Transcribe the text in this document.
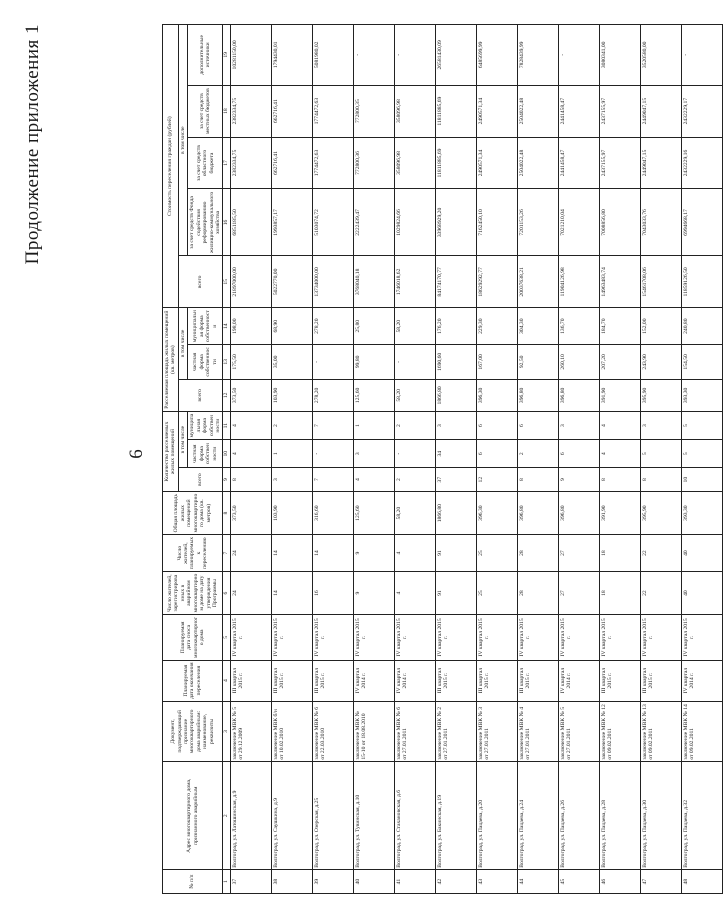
Продолжение приложения 1
6
№ п/п	Адрес многоквартирного дома, признанного аварийным	Документ, подтверждающий признание многоквартирного дома аварийным: наименование, реквизиты	Планируемая дата окончания переселения	Планируемая дата сноса многоквартирного дома	Число жителей, зарегистрированных в аварийном многоквартирном доме на дату утверждения Программы	Число жителей, планируемых к переселению	Общая площадь жилых помещений многоквартирного дома (кв. метров)	Количество расселяемых жилых помещений			Расселяемая площадь жилых помещений (кв. метров)			Стоимость переселения граждан (рублей)				
								всего	в том числе		всего	в том числе		всего	в том числе			
									частная форма собственности	муниципальная форма собственности		частная форма собственности	муниципальная форма собственности		за счет средств Фонда содействия реформированию жилищно-коммунального хозяйства	за счет средств областного бюджета	за счет средств местных бюджетов	дополнительные источники
1	2	3	4	5	6	7	8	9	10	11	12	13	14	15	16	17	18	19
37	Волгоград, ул. Латошинская, д.9	заключение МВК № 5 от 29.12.2009	III квартал 2015 г.	IV квартал 2015 г.	24	24	373,50	8	4	4	373,50	175,50	198,00	21897000,00	6851185,50	2382334,75	2382334,75	10281150,00
38	Волгоград, ул. Саушкина, д.9	заключение МВК б/н от 10.02.2010	III квартал 2015 г.	IV квартал 2015 г.	14	14	103,90	3	1	2	103,90	35,00	68,90	5022770,00	1993857,17	662716,41	662716,41	1794430,01
39	Волгоград, ул. Озерская, д.25	заключение МВК № 6 от 22.03.2010	III квартал 2015 г.	IV квартал 2015 г.	16	14	316,60	7	-	7	278,20	-	278,20	13734000,00	5103074,72	1774472,63	1774472,63	5081980,02
40	Волгоград, ул. Тувинская, д.10	заключение МВК № 15-10 от 18.08.2010	IV квартал 2014 г.	IV квартал 2015 г.	9	9	125,60	4	3	1	125,60	99,80	25,80	3768040,18	2222439,47	772800,36	772800,35	-
41	Волгоград, ул. Стахановская, д.6	заключение МВК № 6 от 27.01.2011	IV квартал 2014 г.	IV квартал 2015 г.	4	4	58,20	2	-	2	58,20	-	58,20	1746018,62	1029824,66	358096,98	358096,98	-
42	Волгоград, ул. Бакинская, д.19	заключение МВК № 2 от 27.01.2011	III квартал 2015 г.	IV квартал 2015 г.	91	91	1866,80	37	34	3	1866,80	1690,60	176,20	84174170,77	33968929,20	11811885,69	11811885,69	26581430,09
43	Волгоград, ул. Пацаева, д.20	заключение МВК № 3 от 27.01.2011	III квартал 2015 г.	IV квартал 2015 г.	25	25	396,30	12	6	6	396,30	167,00	229,30	18629292,77	7162450,10	2490571,34	2490571,34	6485699,99
44	Волгоград, ул. Пацаева, д.24	заключение МВК № 4 от 27.01.2011	III квартал 2015 г.	IV квартал 2015 г.	28	28	396,80	8	2	6	396,80	92,50	304,30	20037638,21	7201153,26	2504022,48	2504022,48	7828439,99
45	Волгоград, ул. Пацаева, д.26	заключение МВК № 5 от 27.01.2011	IV квартал 2014 г.	IV квартал 2015 г.	27	27	396,80	9	6	3	396,80	260,10	136,70	11904126,98	7021210,04	2441458,47	2441458,47	-
46	Волгоград, ул. Пацаева, д.28	заключение МВК № 12 от 09.02.2011	III квартал 2015 г.	IV квартал 2015 г.	18	18	391,90	8	4	4	391,90	207,20	184,70	14963483,74	7008856,80	2437155,97	2437155,97	3080341,00
47	Волгоград, ул. Пацаева, д.30	заключение МВК № 13 от 09.02.2011	III квартал 2015 г.	IV квартал 2015 г.	22	22	395,90	8	5	3	395,90	243,90	152,00	15461708,06	7043033,76	2449047,15	2449047,15	3520580,00
48	Волгоград, ул. Пацаева, д.32	заключение МВК № 14 от 09.02.2011	IV квартал 2014 г.	IV квартал 2015 г.	40	40	393,30	10	5	5	393,30	154,50	240,80	11859126,50	6994668,17	2432229,16	2432229,17	-
